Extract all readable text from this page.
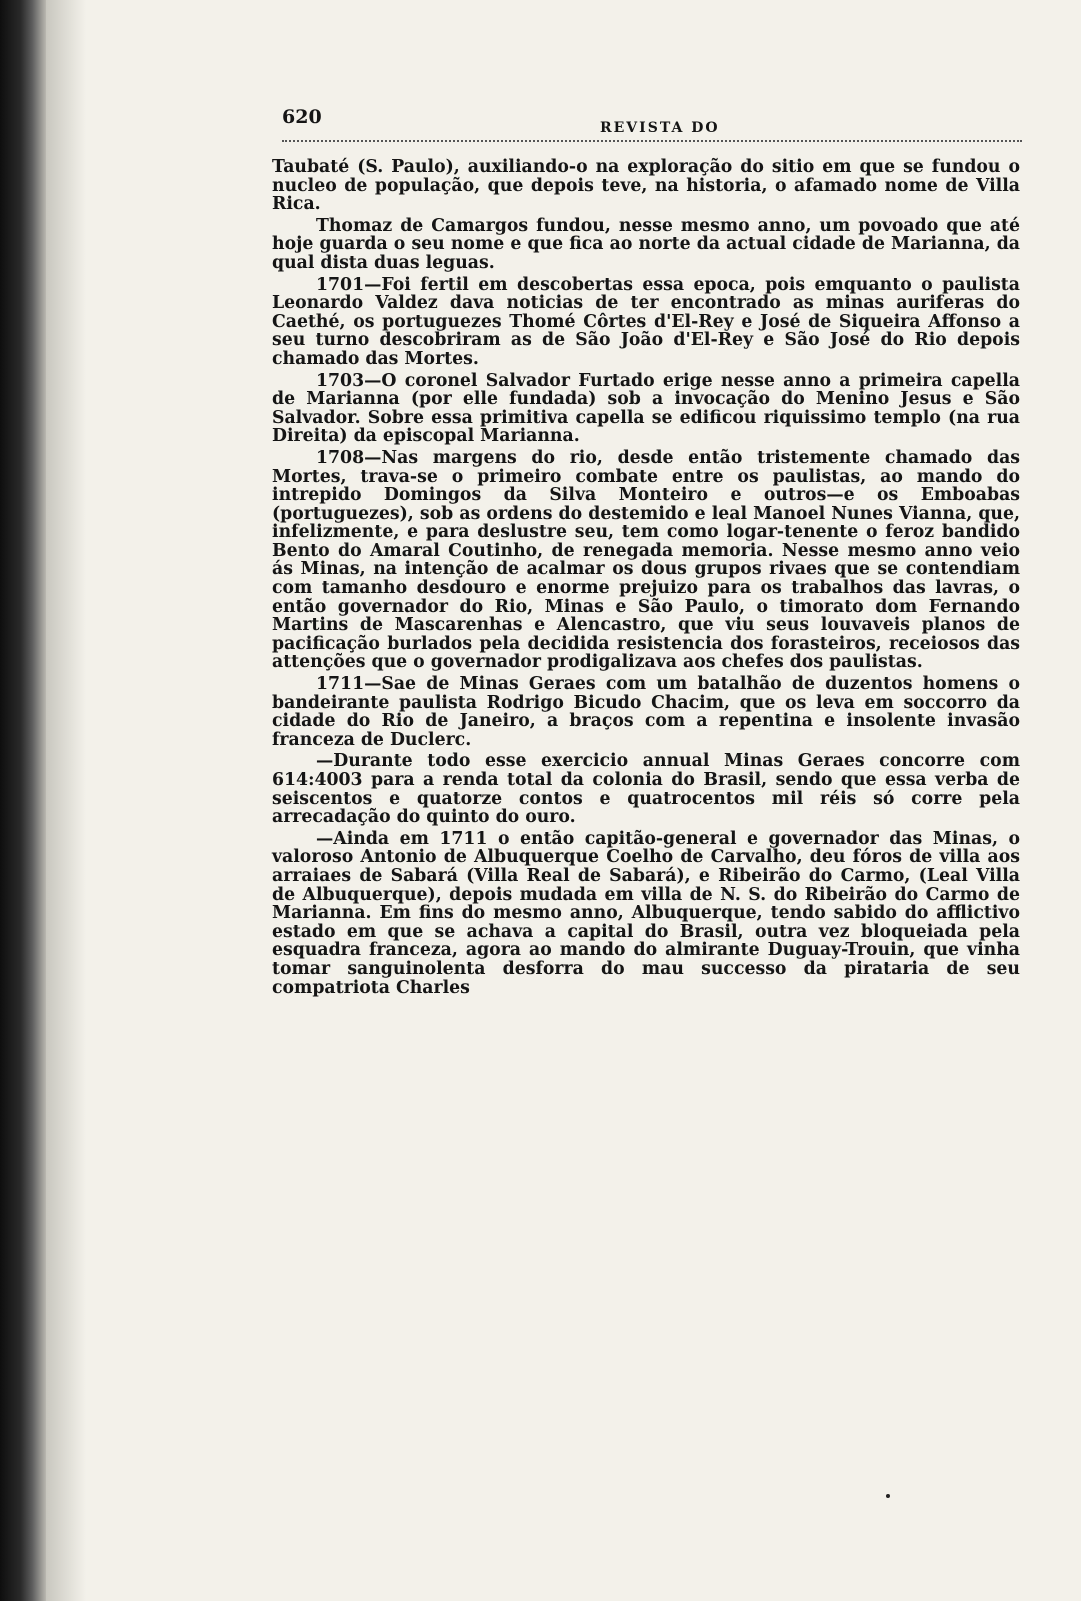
620	REVISTA DO

Taubaté (S. Paulo), auxiliando-o na exploração do sitio em que se fundou o nucleo de população, que depois teve, na historia, o afamado nome de Villa Rica.

Thomaz de Camargos fundou, nesse mesmo anno, um povoado que até hoje guarda o seu nome e que fica ao norte da actual cidade de Marianna, da qual dista duas leguas.

1701—Foi fertil em descobertas essa epoca, pois emquanto o paulista Leonardo Valdez dava noticias de ter encontrado as minas auriferas do Caethé, os portuguezes Thomé Côrtes d'El-Rey e José de Siqueira Affonso a seu turno descobriram as de São João d'El-Rey e São José do Rio depois chamado das Mortes.

1703—O coronel Salvador Furtado erige nesse anno a primeira capella de Marianna (por elle fundada) sob a invocação do Menino Jesus e São Salvador. Sobre essa primitiva capella se edificou riquissimo templo (na rua Direita) da episcopal Marianna.

1708—Nas margens do rio, desde então tristemente chamado das Mortes, trava-se o primeiro combate entre os paulistas, ao mando do intrepido Domingos da Silva Monteiro e outros—e os Emboabas (portuguezes), sob as ordens do destemido e leal Manoel Nunes Vianna, que, infelizmente, e para deslustre seu, tem como logar-tenente o feroz bandido Bento do Amaral Coutinho, de renegada memoria. Nesse mesmo anno veio ás Minas, na intenção de acalmar os dous grupos rivaes que se contendiam com tamanho desdouro e enorme prejuizo para os trabalhos das lavras, o então governador do Rio, Minas e São Paulo, o timorato dom Fernando Martins de Mascarenhas e Alencastro, que viu seus louvaveis planos de pacificação burlados pela decidida resistencia dos forasteiros, receiosos das attenções que o governador prodigalizava aos chefes dos paulistas.

1711—Sae de Minas Geraes com um batalhão de duzentos homens o bandeirante paulista Rodrigo Bicudo Chacim, que os leva em soccorro da cidade do Rio de Janeiro, a braços com a repentina e insolente invasão franceza de Duclerc.

—Durante todo esse exercicio annual Minas Geraes concorre com 614:4003 para a renda total da colonia do Brasil, sendo que essa verba de seiscentos e quatorze contos e quatrocentos mil réis só corre pela arrecadação do quinto do ouro.

—Ainda em 1711 o então capitão-general e governador das Minas, o valoroso Antonio de Albuquerque Coelho de Carvalho, deu fóros de villa aos arraiaes de Sabará (Villa Real de Sabará), e Ribeirão do Carmo, (Leal Villa de Albuquerque), depois mudada em villa de N. S. do Ribeirão do Carmo de Marianna. Em fins do mesmo anno, Albuquerque, tendo sabido do afflictivo estado em que se achava a capital do Brasil, outra vez bloqueiada pela esquadra franceza, agora ao mando do almirante Duguay-Trouin, que vinha tomar sanguinolenta desforra do mau successo da pirataria de seu compatriota Charles
